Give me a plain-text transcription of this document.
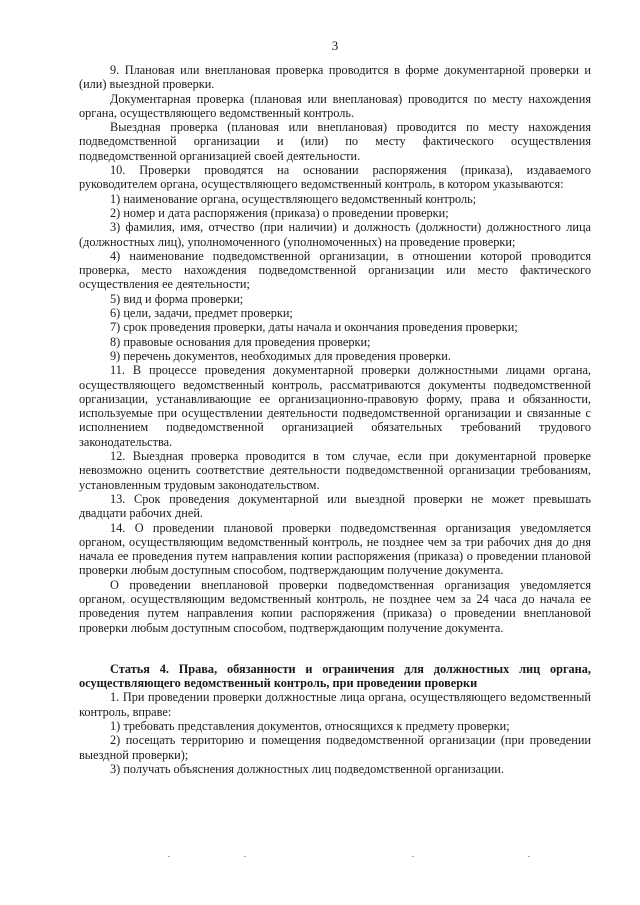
3

9. Плановая или внеплановая проверка проводится в форме документарной проверки и (или) выездной проверки.

Документарная проверка (плановая или внеплановая) проводится по месту нахождения органа, осуществляющего ведомственный контроль.

Выездная проверка (плановая или внеплановая) проводится по месту нахождения подведомственной организации и (или) по месту фактического осуществления подведомственной организацией своей деятельности.

10. Проверки проводятся на основании распоряжения (приказа), издаваемого руководителем органа, осуществляющего ведомственный контроль, в котором указываются:

1) наименование органа, осуществляющего ведомственный контроль;

2) номер и дата распоряжения (приказа) о проведении проверки;

3) фамилия, имя, отчество (при наличии) и должность (должности) должностного лица (должностных лиц), уполномоченного (уполномоченных) на проведение проверки;

4) наименование подведомственной организации, в отношении которой проводится проверка, место нахождения подведомственной организации или место фактического осуществления ее деятельности;

5) вид и форма проверки;

6) цели, задачи, предмет проверки;

7) срок проведения проверки, даты начала и окончания проведения проверки;

8) правовые основания для проведения проверки;

9) перечень документов, необходимых для проведения проверки.

11. В процессе проведения документарной проверки должностными лицами органа, осуществляющего ведомственный контроль, рассматриваются документы подведомственной организации, устанавливающие ее организационно-правовую форму, права и обязанности, используемые при осуществлении деятельности подведомственной организации и связанные с исполнением подведомственной организацией обязательных требований трудового законодательства.

12. Выездная проверка проводится в том случае, если при документарной проверке невозможно оценить соответствие деятельности подведомственной организации требованиям, установленным трудовым законодательством.

13. Срок проведения документарной или выездной проверки не может превышать двадцати рабочих дней.

14. О проведении плановой проверки подведомственная организация уведомляется органом, осуществляющим ведомственный контроль, не позднее чем за три рабочих дня до дня начала ее проведения путем направления копии распоряжения (приказа) о проведении плановой проверки любым доступным способом, подтверждающим получение документа.

О проведении внеплановой проверки подведомственная организация уведомляется органом, осуществляющим ведомственный контроль, не позднее чем за 24 часа до начала ее проведения путем направления копии распоряжения (приказа) о проведении внеплановой проверки любым доступным способом, подтверждающим получение документа.

Статья 4. Права, обязанности и ограничения для должностных лиц органа, осуществляющего ведомственный контроль, при проведении проверки

1. При проведении проверки должностные лица органа, осуществляющего ведомственный контроль, вправе:

1) требовать представления документов, относящихся к предмету проверки;

2) посещать территорию и помещения подведомственной организации (при проведении выездной проверки);

3) получать объяснения должностных лиц подведомственной организации.
